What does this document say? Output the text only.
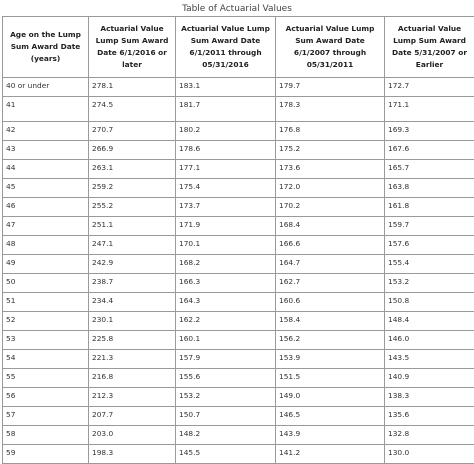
Table of Actuarial Values
Age on the Lump Sum Award Date (years)	Actuarial Value Lump Sum Award Date 6/1/2016 or later	Actuarial Value Lump Sum Award Date 6/1/2011 through 05/31/2016	Actuarial Value Lump Sum Award Date 6/1/2007 through 05/31/2011	Actuarial Value Lump Sum Award Date 5/31/2007 or Earlier
40 or under	278.1	183.1	179.7	172.7
41	274.5	181.7	178.3	171.1
42	270.7	180.2	176.8	169.3
43	266.9	178.6	175.2	167.6
44	263.1	177.1	173.6	165.7
45	259.2	175.4	172.0	163.8
46	255.2	173.7	170.2	161.8
47	251.1	171.9	168.4	159.7
48	247.1	170.1	166.6	157.6
49	242.9	168.2	164.7	155.4
50	238.7	166.3	162.7	153.2
51	234.4	164.3	160.6	150.8
52	230.1	162.2	158.4	148.4
53	225.8	160.1	156.2	146.0
54	221.3	157.9	153.9	143.5
55	216.8	155.6	151.5	140.9
56	212.3	153.2	149.0	138.3
57	207.7	150.7	146.5	135.6
58	203.0	148.2	143.9	132.8
59	198.3	145.5	141.2	130.0
